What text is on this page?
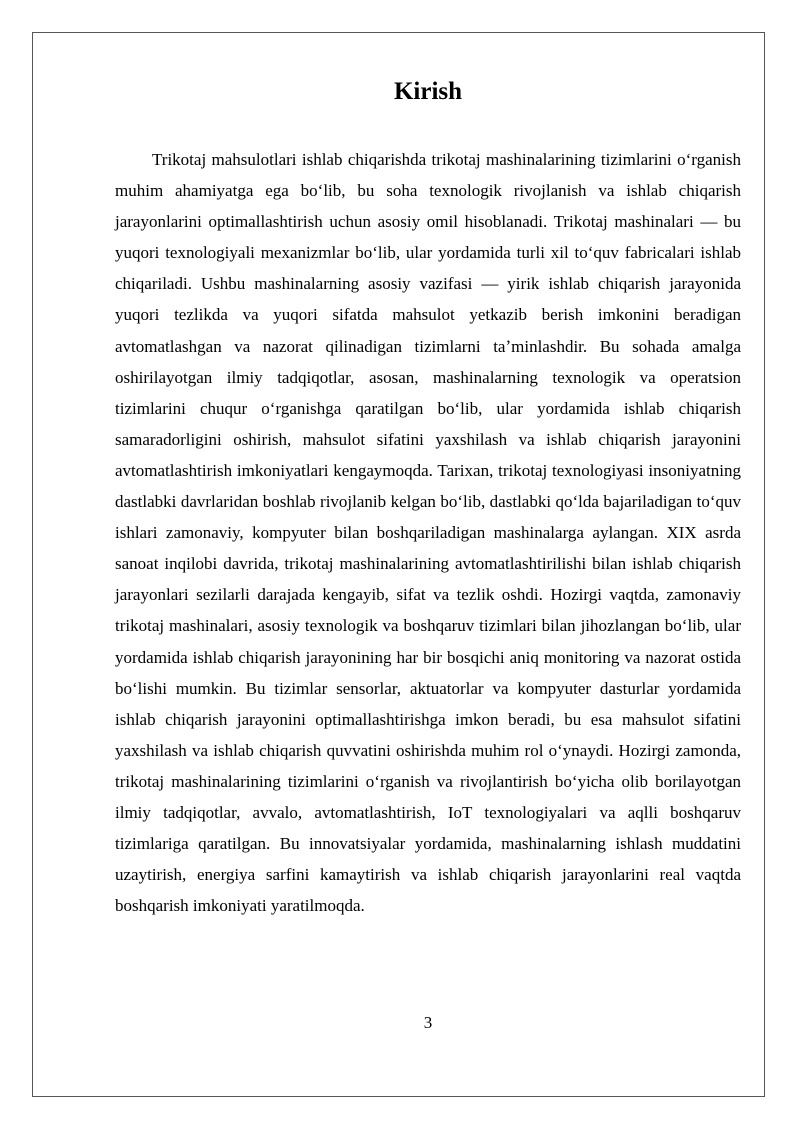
Kirish

Trikotaj mahsulotlari ishlab chiqarishda trikotaj mashinalarining tizimlarini oʻrganish muhim ahamiyatga ega boʻlib, bu soha texnologik rivojlanish va ishlab chiqarish jarayonlarini optimallashtirish uchun asosiy omil hisoblanadi. Trikotaj mashinalari — bu yuqori texnologiyali mexanizmlar boʻlib, ular yordamida turli xil toʻquv fabricalari ishlab chiqariladi. Ushbu mashinalarning asosiy vazifasi — yirik ishlab chiqarish jarayonida yuqori tezlikda va yuqori sifatda mahsulot yetkazib berish imkonini beradigan avtomatlashgan va nazorat qilinadigan tizimlarni taʼminlashdir. Bu sohada amalga oshirilayotgan ilmiy tadqiqotlar, asosan, mashinalarning texnologik va operatsion tizimlarini chuqur oʻrganishga qaratilgan boʻlib, ular yordamida ishlab chiqarish samaradorligini oshirish, mahsulot sifatini yaxshilash va ishlab chiqarish jarayonini avtomatlashtirish imkoniyatlari kengaymoqda. Tarixan, trikotaj texnologiyasi insoniyatning dastlabki davrlaridan boshlab rivojlanib kelgan boʻlib, dastlabki qoʻlda bajariladigan toʻquv ishlari zamonaviy, kompyuter bilan boshqariladigan mashinalarga aylangan. XIX asrda sanoat inqilobi davrida, trikotaj mashinalarining avtomatlashtirilishi bilan ishlab chiqarish jarayonlari sezilarli darajada kengayib, sifat va tezlik oshdi. Hozirgi vaqtda, zamonaviy trikotaj mashinalari, asosiy texnologik va boshqaruv tizimlari bilan jihozlangan boʻlib, ular yordamida ishlab chiqarish jarayonining har bir bosqichi aniq monitoring va nazorat ostida boʻlishi mumkin. Bu tizimlar sensorlar, aktuatorlar va kompyuter dasturlar yordamida ishlab chiqarish jarayonini optimallashtirishga imkon beradi, bu esa mahsulot sifatini yaxshilash va ishlab chiqarish quvvatini oshirishda muhim rol oʻynaydi. Hozirgi zamonda, trikotaj mashinalarining tizimlarini oʻrganish va rivojlantirish boʻyicha olib borilayotgan ilmiy tadqiqotlar, avvalo, avtomatlashtirish, IoT texnologiyalari va aqlli boshqaruv tizimlariga qaratilgan. Bu innovatsiyalar yordamida, mashinalarning ishlash muddatini uzaytirish, energiya sarfini kamaytirish va ishlab chiqarish jarayonlarini real vaqtda boshqarish imkoniyati yaratilmoqda.

3
